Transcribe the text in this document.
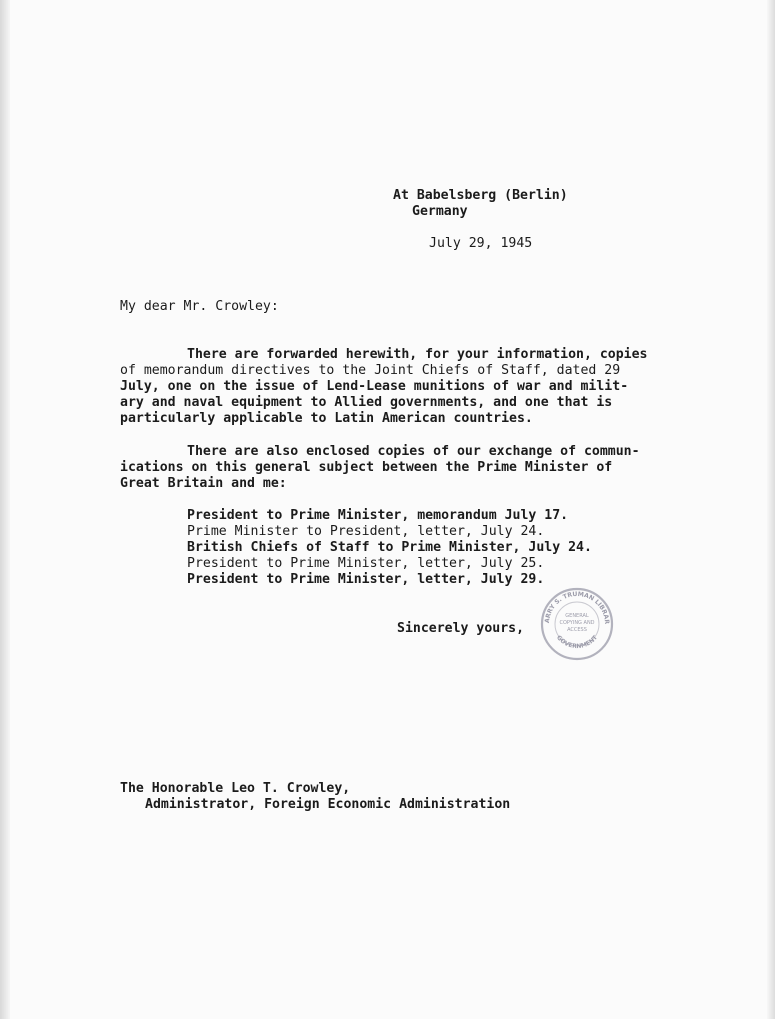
At Babelsberg (Berlin)
Germany
July 29, 1945
My dear Mr. Crowley:
There are forwarded herewith, for your information, copies
of memorandum directives to the Joint Chiefs of Staff, dated 29
July, one on the issue of Lend-Lease munitions of war and milit-
ary and naval equipment to Allied governments, and one that is
particularly applicable to Latin American countries.
There are also enclosed copies of our exchange of commun-
ications on this general subject between the Prime Minister of
Great Britain and me:
President to Prime Minister, memorandum July 17.
Prime Minister to President, letter, July 24.
British Chiefs of Staff to Prime Minister, July 24.
President to Prime Minister, letter, July 25.
President to Prime Minister, letter, July 29.
Sincerely yours,
ARRY S. TRUMAN LIBRAR
GOVERNMENT
GENERAL
COPYING AND
ACCESS
The Honorable Leo T. Crowley,
Administrator, Foreign Economic Administration
